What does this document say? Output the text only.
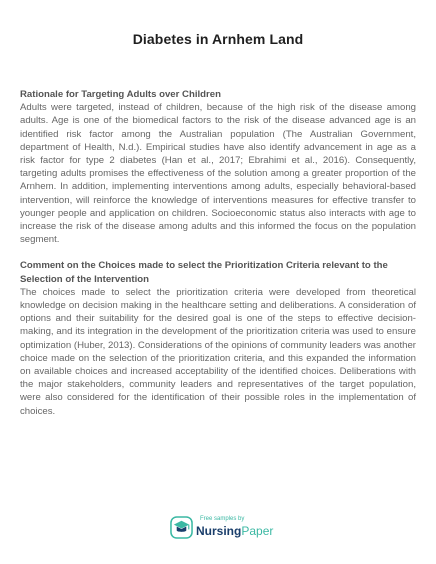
Diabetes in Arnhem Land

Rationale for Targeting Adults over Children

Adults were targeted, instead of children, because of the high risk of the disease among adults. Age is one of the biomedical factors to the risk of the disease advanced age is an identified risk factor among the Australian population (The Australian Government, department of Health, N.d.). Empirical studies have also identify advancement in age as a risk factor for type 2 diabetes (Han et al., 2017; Ebrahimi et al., 2016). Consequently, targeting adults promises the effectiveness of the solution among a greater proportion of the Arnhem. In addition, implementing interventions among adults, especially behavioral-based intervention, will reinforce the knowledge of interventions measures for effective transfer to younger people and application on children. Socioeconomic status also interacts with age to increase the risk of the disease among adults and this informed the focus on the population segment.

Comment on the Choices made to select the Prioritization Criteria relevant to the Selection of the Intervention

The choices made to select the prioritization criteria were developed from theoretical knowledge on decision making in the healthcare setting and deliberations. A consideration of options and their suitability for the desired goal is one of the steps to effective decision-making, and its integration in the development of the prioritization criteria was used to ensure optimization (Huber, 2013). Considerations of the opinions of community leaders was another choice made on the selection of the prioritization criteria, and this expanded the information on available choices and increased acceptability of the identified choices. Deliberations with the major stakeholders, community leaders and representatives of the target population, were also considered for the identification of their possible roles in the implementation of choices.

Free samples by
NursingPaper
